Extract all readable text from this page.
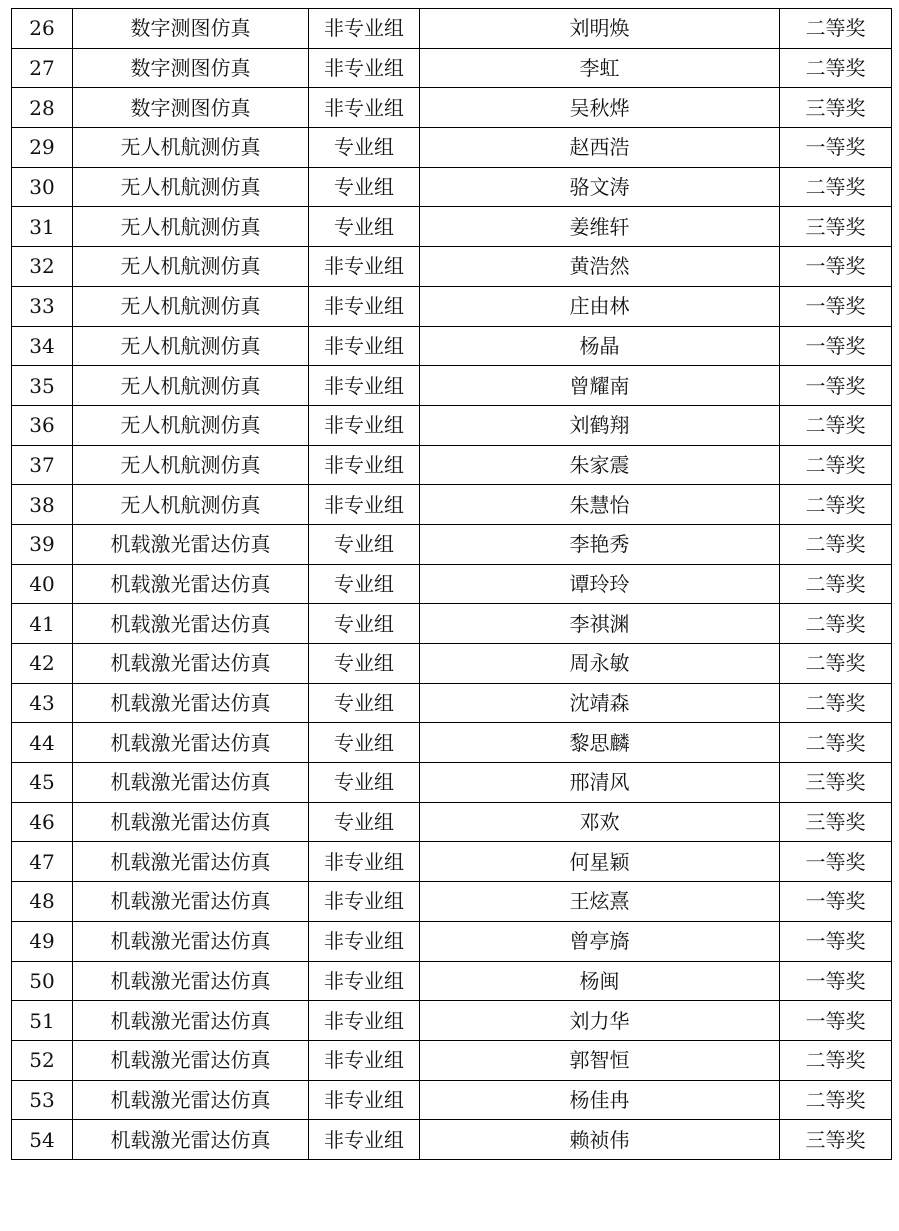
26	数字测图仿真	非专业组	刘明焕	二等奖
27	数字测图仿真	非专业组	李虹	二等奖
28	数字测图仿真	非专业组	吴秋烨	三等奖
29	无人机航测仿真	专业组	赵西浩	一等奖
30	无人机航测仿真	专业组	骆文涛	二等奖
31	无人机航测仿真	专业组	姜维轩	三等奖
32	无人机航测仿真	非专业组	黄浩然	一等奖
33	无人机航测仿真	非专业组	庄由林	一等奖
34	无人机航测仿真	非专业组	杨晶	一等奖
35	无人机航测仿真	非专业组	曾耀南	一等奖
36	无人机航测仿真	非专业组	刘鹤翔	二等奖
37	无人机航测仿真	非专业组	朱家震	二等奖
38	无人机航测仿真	非专业组	朱慧怡	二等奖
39	机载激光雷达仿真	专业组	李艳秀	二等奖
40	机载激光雷达仿真	专业组	谭玲玲	二等奖
41	机载激光雷达仿真	专业组	李祺渊	二等奖
42	机载激光雷达仿真	专业组	周永敏	二等奖
43	机载激光雷达仿真	专业组	沈靖森	二等奖
44	机载激光雷达仿真	专业组	黎思麟	二等奖
45	机载激光雷达仿真	专业组	邢清风	三等奖
46	机载激光雷达仿真	专业组	邓欢	三等奖
47	机载激光雷达仿真	非专业组	何星颖	一等奖
48	机载激光雷达仿真	非专业组	王炫熹	一等奖
49	机载激光雷达仿真	非专业组	曾亭旖	一等奖
50	机载激光雷达仿真	非专业组	杨闽	一等奖
51	机载激光雷达仿真	非专业组	刘力华	一等奖
52	机载激光雷达仿真	非专业组	郭智恒	二等奖
53	机载激光雷达仿真	非专业组	杨佳冉	二等奖
54	机载激光雷达仿真	非专业组	赖祯伟	三等奖
